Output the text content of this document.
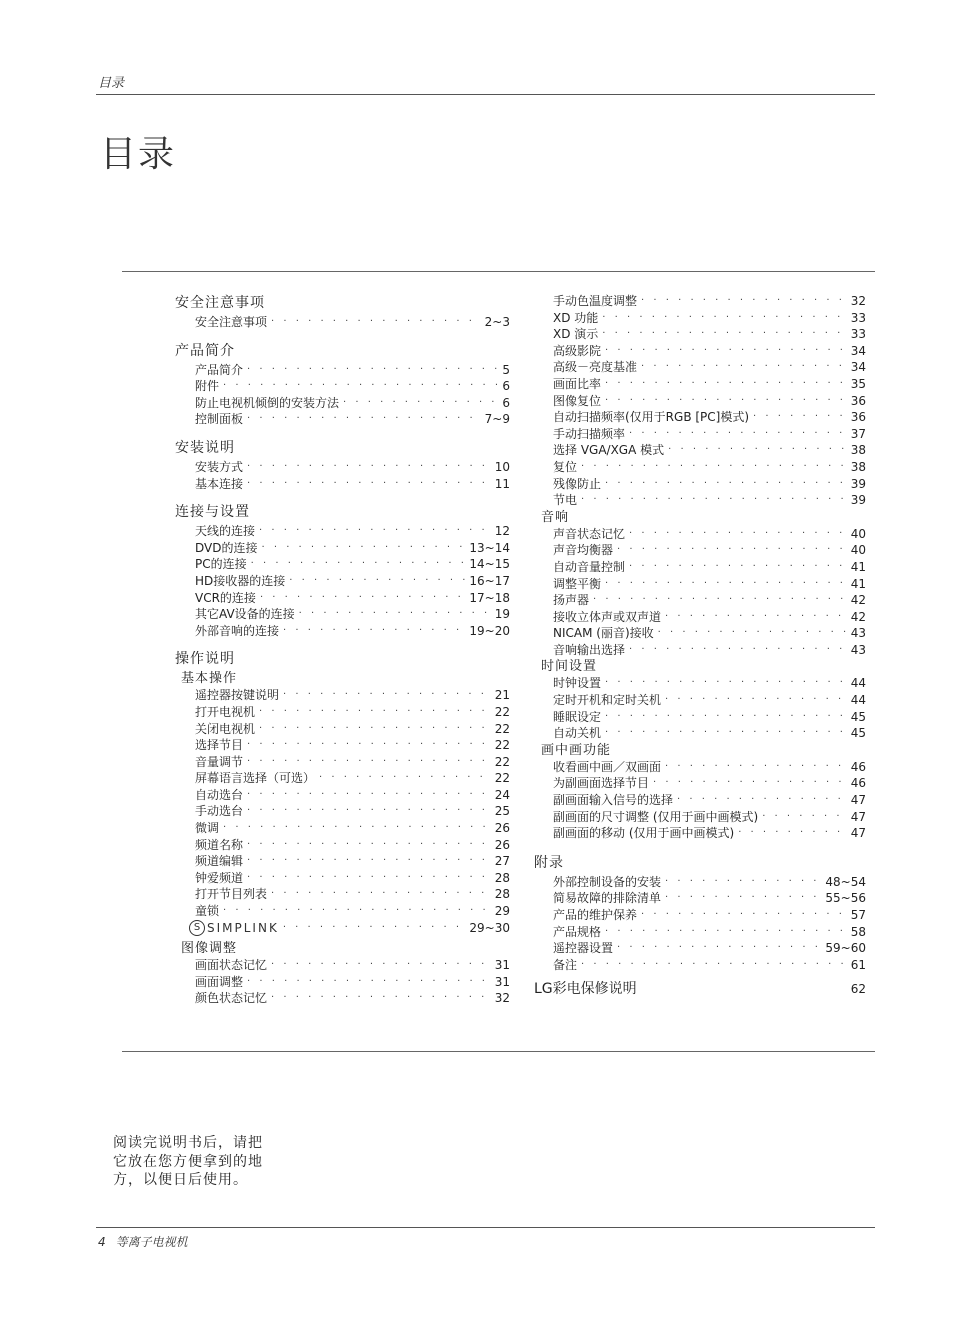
目录
目录
安全注意事项
安全注意事项 · · ·	2~3
产品简介
产品简介 · · ·	5
附件 · · ·	6
防止电视机倾倒的安装方法 · · ·	6
控制面板 · · ·	7~9
安装说明
安装方式 · · ·	10
基本连接 · · ·	11
连接与设置
天线的连接 · · ·	12
DVD的连接 · · ·	13~14
PC的连接 · · ·	14~15
HD接收器的连接 · · ·	16~17
VCR的连接 · · ·	17~18
其它AV设备的连接 · · ·	19
外部音响的连接 · · ·	19~20
操作说明
基本操作
遥控器按键说明 · · ·	21
打开电视机 · · ·	22
关闭电视机 · · ·	22
选择节目 · · ·	22
音量调节 · · ·	22
屏幕语言选择（可选） · · ·	22
自动选台 · · ·	24
手动选台 · · ·	25
微调 · · ·	26
频道名称 · · ·	26
频道编辑 · · ·	27
钟爱频道 · · ·	28
打开节目列表 · · ·	28
童锁 · · ·	29
S SIMPLINK · · ·	29~30
图像调整
画面状态记忆 · · ·	31
画面调整 · · ·	31
颜色状态记忆 · · ·	32
手动色温度调整 · · ·	32
XD 功能 · · ·	33
XD 演示 · · ·	33
高级影院 · · ·	34
高级－亮度基准 · · ·	34
画面比率 · · ·	35
图像复位 · · ·	36
自动扫描频率(仅用于RGB [PC]模式) · · ·	36
手动扫描频率 · · ·	37
选择 VGA/XGA 模式 · · ·	38
复位 · · ·	38
残像防止 · · ·	39
节电 · · ·	39
音响
声音状态记忆 · · ·	40
声音均衡器 · · ·	40
自动音量控制 · · ·	41
调整平衡 · · ·	41
扬声器 · · ·	42
接收立体声或双声道 · · ·	42
NICAM (丽音)接收 · · ·	43
音响输出选择 · · ·	43
时间设置
时钟设置 · · ·	44
定时开机和定时关机 · · ·	44
睡眠设定 · · ·	45
自动关机 · · ·	45
画中画功能
收看画中画／双画面 · · ·	46
为副画面选择节目 · · ·	46
副画面输入信号的选择 · · ·	47
副画面的尺寸调整 (仅用于画中画模式) · · ·	47
副画面的移动 (仅用于画中画模式) · · ·	47
附录
外部控制设备的安装 · · ·	48~54
简易故障的排除清单 · · ·	55~56
产品的维护保养 · · ·	57
产品规格 · · ·	58
遥控器设置 · · ·	59~60
备注 · · ·	61
LG彩电保修说明	62
阅读完说明书后，请把它放在您方便拿到的地方，以便日后使用。
4 等离子电视机
